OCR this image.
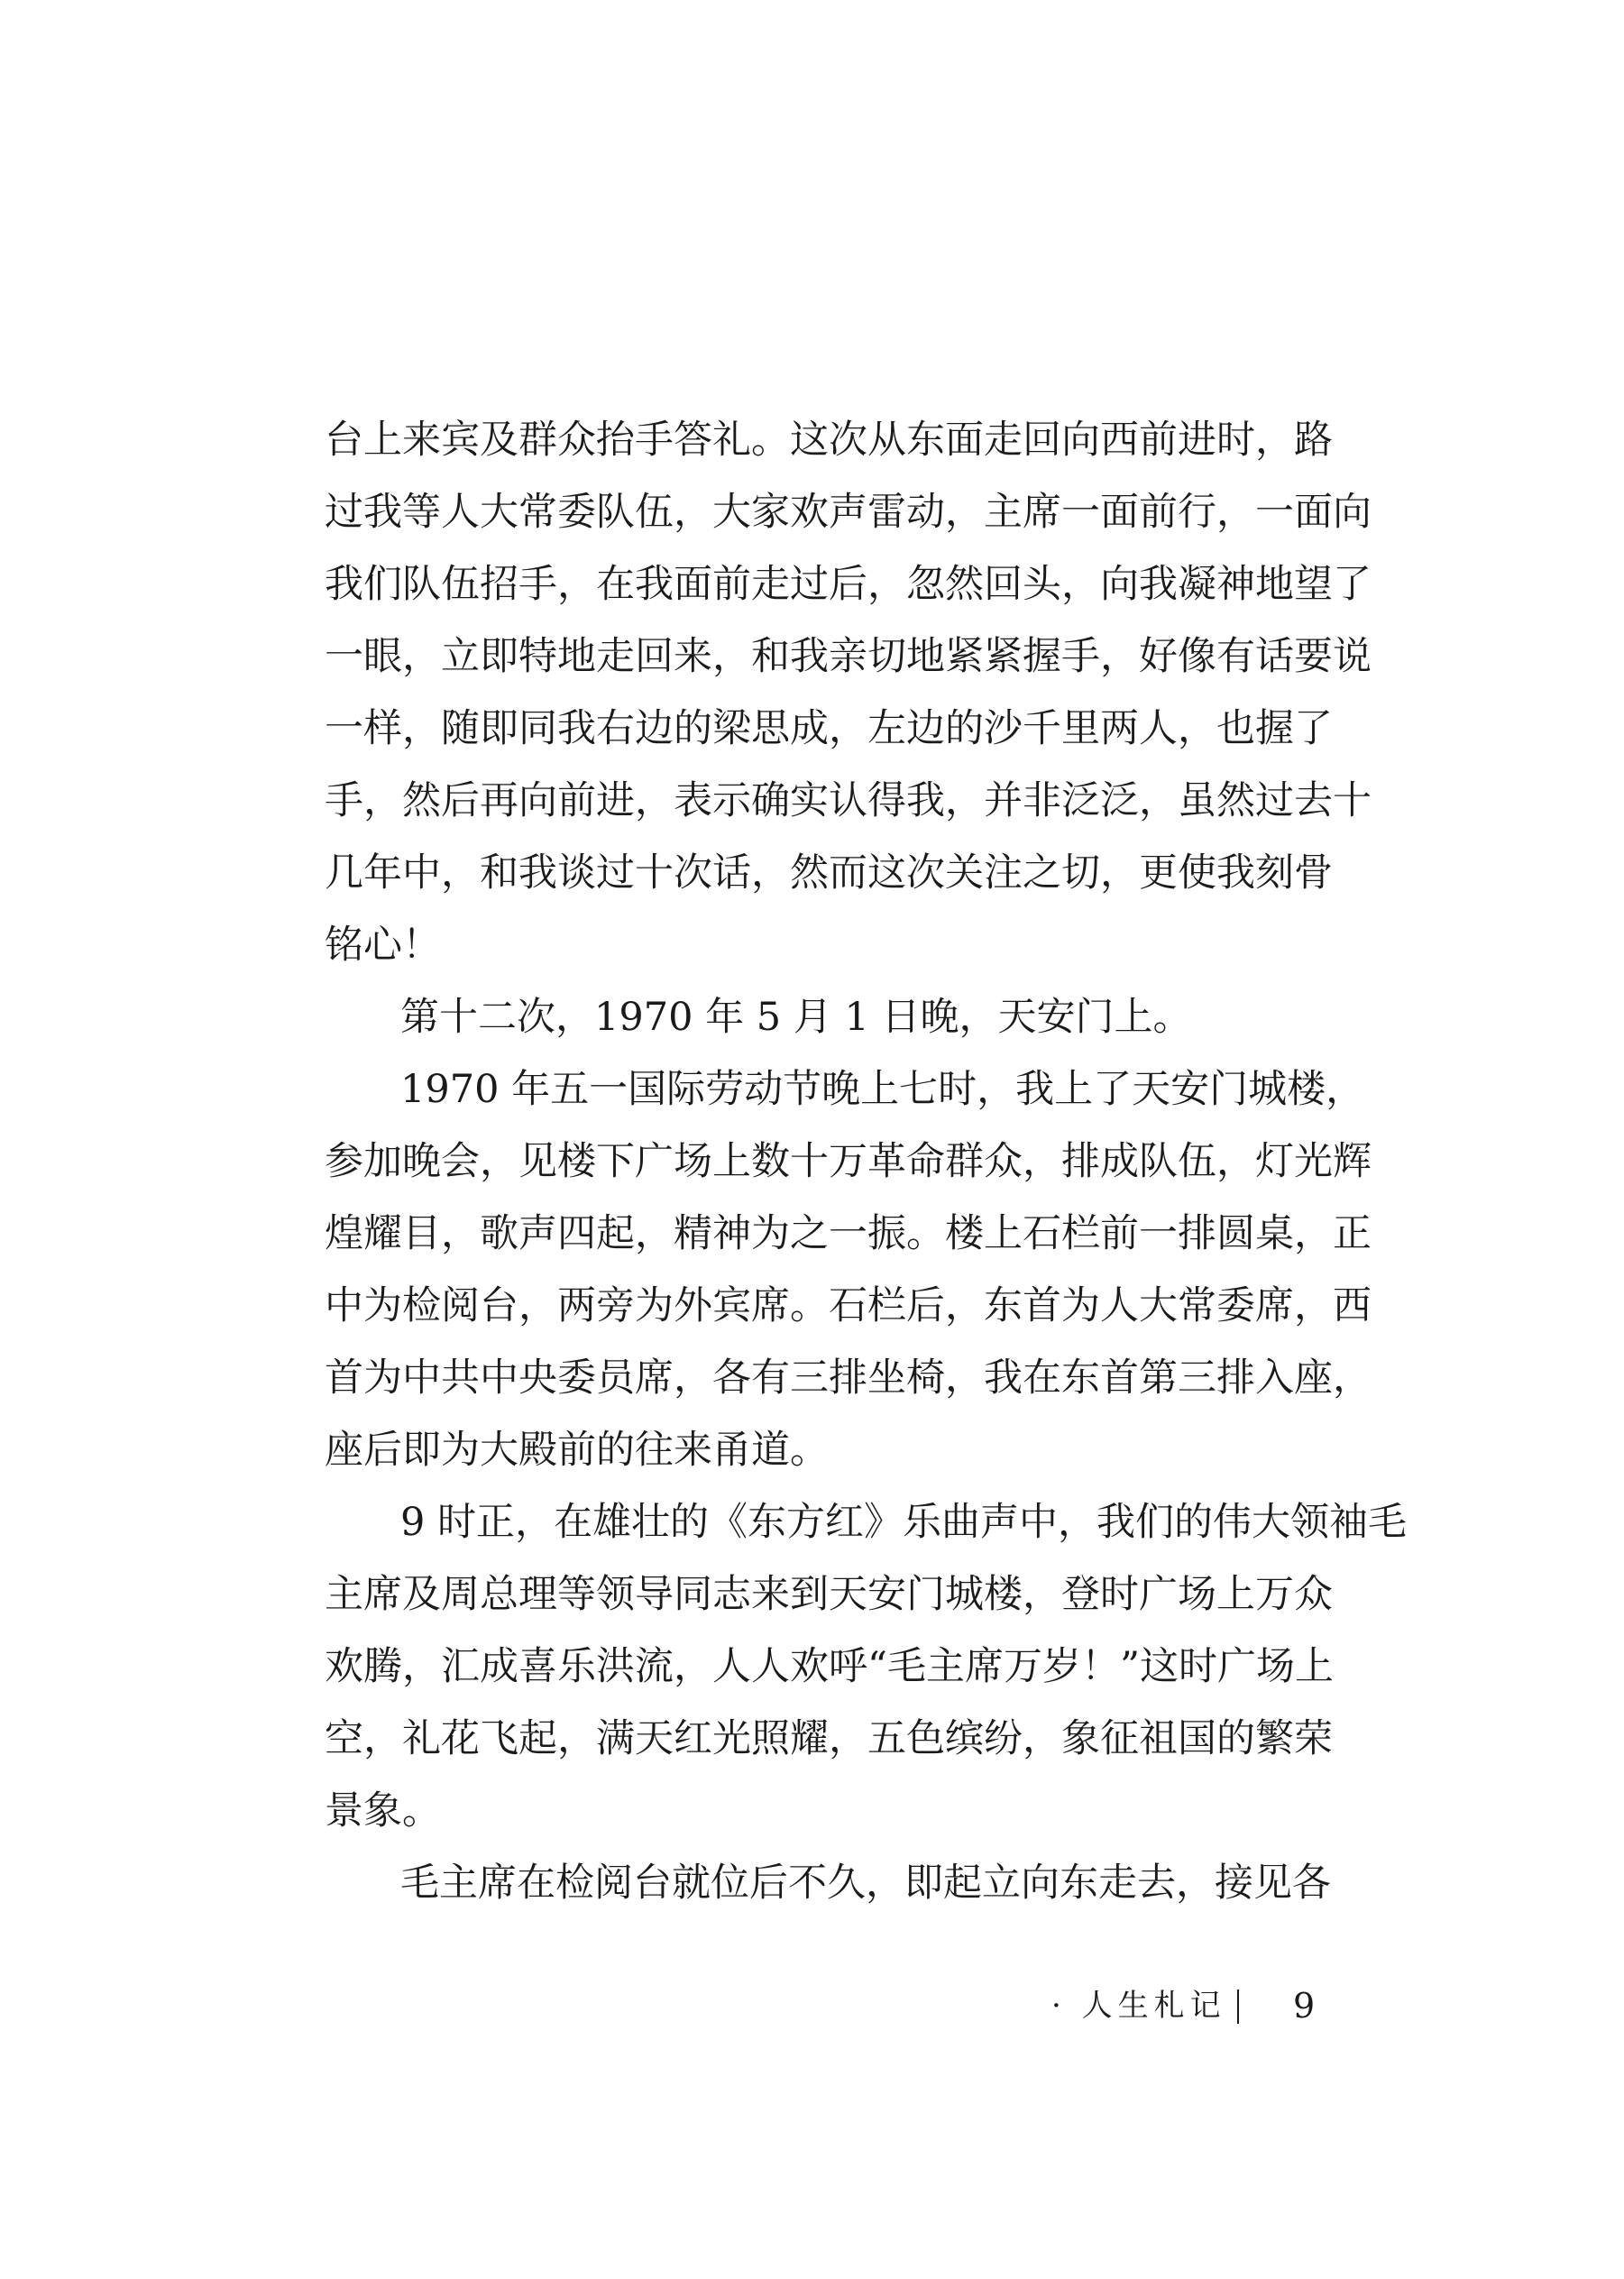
台上来宾及群众抬手答礼。这次从东面走回向西前进时，路
过我等人大常委队伍，大家欢声雷动，主席一面前行，一面向
我们队伍招手，在我面前走过后，忽然回头，向我凝神地望了
一眼，立即特地走回来，和我亲切地紧紧握手，好像有话要说
一样，随即同我右边的梁思成，左边的沙千里两人，也握了
手，然后再向前进，表示确实认得我，并非泛泛，虽然过去十
几年中，和我谈过十次话，然而这次关注之切，更使我刻骨
铭心！
第十二次，1970 年 5 月 1 日晚，天安门上。
1970 年五一国际劳动节晚上七时，我上了天安门城楼，
参加晚会，见楼下广场上数十万革命群众，排成队伍，灯光辉
煌耀目，歌声四起，精神为之一振。楼上石栏前一排圆桌，正
中为检阅台，两旁为外宾席。石栏后，东首为人大常委席，西
首为中共中央委员席，各有三排坐椅，我在东首第三排入座，
座后即为大殿前的往来甬道。
9 时正，在雄壮的《东方红》乐曲声中，我们的伟大领袖毛
主席及周总理等领导同志来到天安门城楼，登时广场上万众
欢腾，汇成喜乐洪流，人人欢呼“毛主席万岁！”这时广场上
空，礼花飞起，满天红光照耀，五色缤纷，象征祖国的繁荣
景象。
毛主席在检阅台就位后不久，即起立向东走去，接见各
· 人生札记 9
